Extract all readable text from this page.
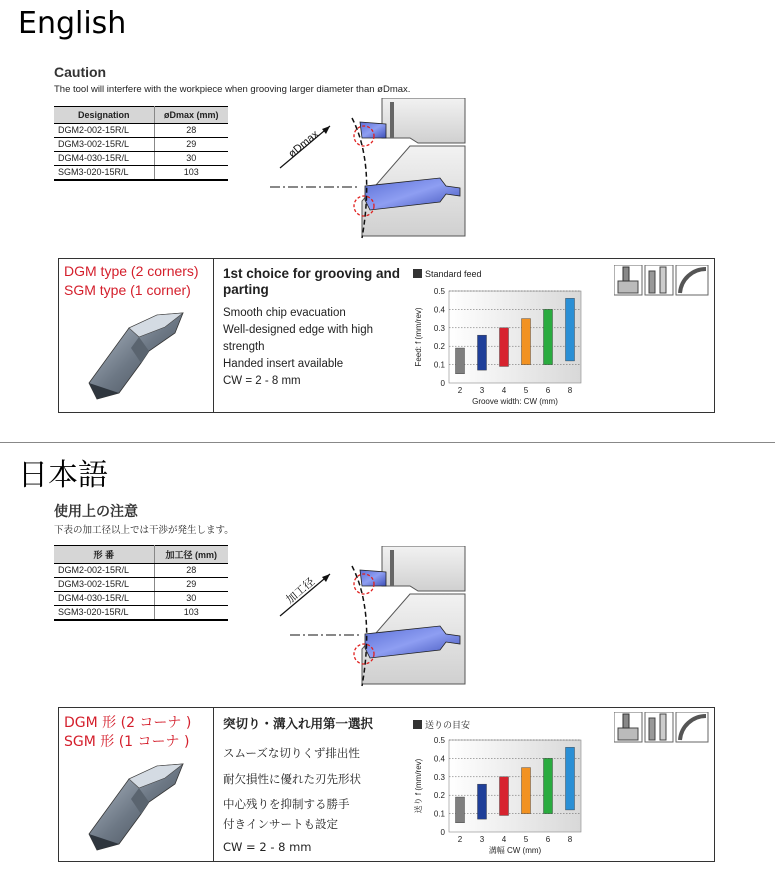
English
Caution
The tool will interfere with the workpiece when grooving larger diameter than øDmax.
Designation	øDmax (mm)
DGM2-002-15R/L	28
DGM3-002-15R/L	29
DGM4-030-15R/L	30
SGM3-020-15R/L	103
øDmax
DGM type (2 corners)
SGM type (1 corner)
1st choice for grooving and parting
Smooth chip evacuation
Well-designed edge with high
strength
Handed insert available
CW = 2 - 8 mm
Standard feed
0
0.1
0.2
0.3
0.4
0.5
2 3 4 5 6 8
Groove width: CW (mm)
Feed: f (mm/rev)
日本語
使用上の注意
下表の加工径以上では干渉が発生します。
形 番	加工径 (mm)
DGM2-002-15R/L	28
DGM3-002-15R/L	29
DGM4-030-15R/L	30
SGM3-020-15R/L	103
加工径
DGM 形 (2 コーナ )
SGM 形 (1 コーナ )
突切り・溝入れ用第一選択
スムーズな切りくず排出性
耐欠損性に優れた刃先形状
中心残りを抑制する勝手
付きインサートも設定
CW = 2 - 8 mm
送りの目安
0
0.1
0.2
0.3
0.4
0.5
2 3 4 5 6 8
溝幅 CW (mm)
送り f (mm/rev)
